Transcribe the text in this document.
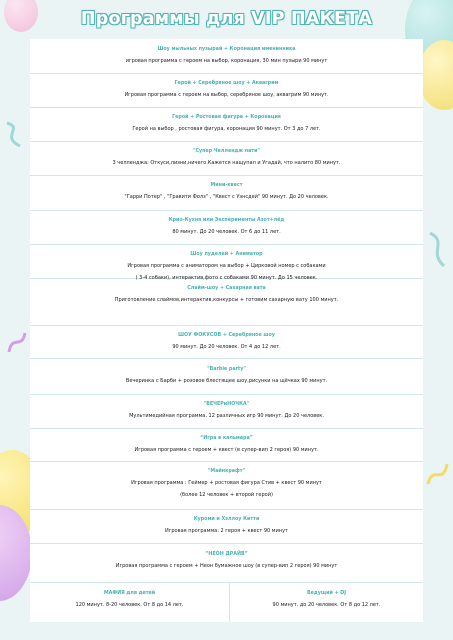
Программы для VIP ПАКЕТА
Шоу мыльных пузырей + Коронация именинника
игровая программа с героем на выбор, коронация, 30 мин пузыри 90 минут
Герой + Серебряное шоу + Аквагрим
Игровая программа с героем на выбор, серебряное шоу, аквагрим 90 минут.
Герой + Ростовая фигура + Коронация
Герой на выбор , ростовая фигура, коронация 90 минут. От 3 до 7 лет.
"Супер Челлендж пати"
3 челленджа: Откуси,лизни,ничего.Кажется нащупал и Угадай, что налито 80 минут.
Мини-квест
"Гарри Потер" , "Гравити Фолз" , "Квест с Уэнсдей" 90 минут. До 20 человек.
Крио-Кухня или Эксперименты Азот+лёд
80 минут. До 20 человек. От 6 до 11 лет.
Шоу пуделей + Аниматор
Игровая программа с аниматором на выбор + Цирковой номер с собаками
( 3-4 собаки), интерактив,фото с собаками 90 минут. До 15 человек.
Слайм-шоу + Сахарная вата
Приготовление слаймов,интерактив,конкурсы + готовим сахарную вату 100 минут.
ШОУ ФОКУСОВ + Серебряное шоу
90 минут. До 20 человек. От 4 до 12 лет.
"Barbie party"
Вечеринка с Барби + розовое блестящее шоу,рисунки на щёчках 90 минут.
"ВЕЧЕРиНОЧКА"
Мультимедийная программа, 12 различных игр 90 минут. До 20 человек.
“Игра в кальмара”
Игровая программа с героем + квест (в супер-вип 2 героя) 90 минут.
"Майнкрафт"
Игровая программа : Геймер + ростовая фигура Стив + квест 90 минут
(более 12 человек + второй герой)
Куроми и Хэллоу Китти
Игровая программа: 2 героя + квест 90 минут
“НЕОН ДРАЙВ”
Игровая программа с героем + Неон бумажное шоу (в супер-вип 2 героя) 90 минут
МАФИЯ для детей
120 минут. 8-20 человек. От 8 до 14 лет.
Ведущий + DJ
90 минут. до 20 человек. От 8 до 12 лет.
